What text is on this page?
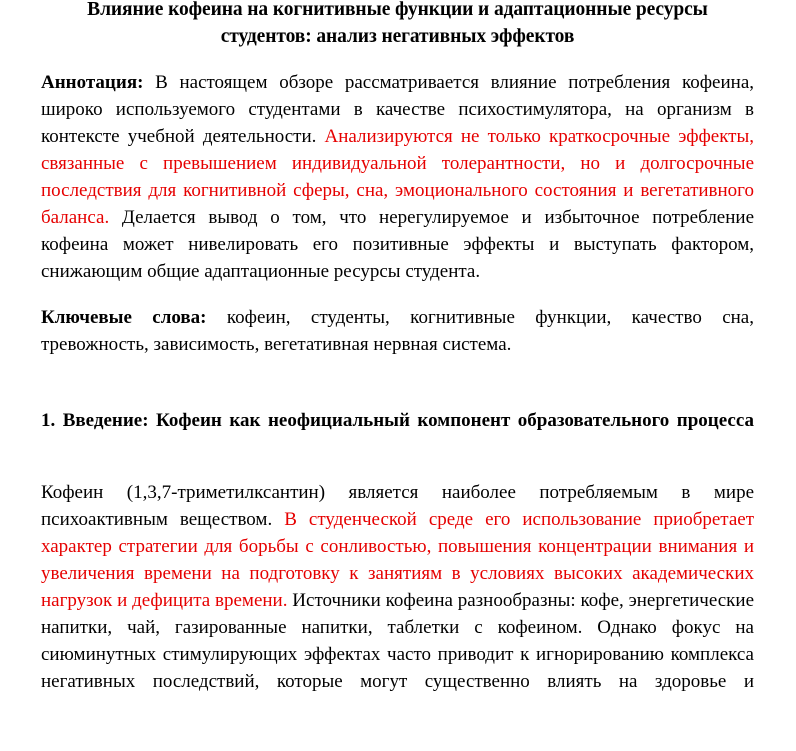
Влияние кофеина на когнитивные функции и адаптационные ресурсы студентов: анализ негативных эффектов

Аннотация: В настоящем обзоре рассматривается влияние потребления кофеина, широко используемого студентами в качестве психостимулятора, на организм в контексте учебной деятельности. Анализируются не только краткосрочные эффекты, связанные с превышением индивидуальной толерантности, но и долгосрочные последствия для когнитивной сферы, сна, эмоционального состояния и вегетативного баланса. Делается вывод о том, что нерегулируемое и избыточное потребление кофеина может нивелировать его позитивные эффекты и выступать фактором, снижающим общие адаптационные ресурсы студента.

Ключевые слова: кофеин, студенты, когнитивные функции, качество сна, тревожность, зависимость, вегетативная нервная система.

1. Введение: Кофеин как неофициальный компонент образовательного процесса

Кофеин (1,3,7-триметилксантин) является наиболее потребляемым в мире психоактивным веществом. В студенческой среде его использование приобретает характер стратегии для борьбы с сонливостью, повышения концентрации внимания и увеличения времени на подготовку к занятиям в условиях высоких академических нагрузок и дефицита времени. Источники кофеина разнообразны: кофе, энергетические напитки, чай, газированные напитки, таблетки с кофеином. Однако фокус на сиюминутных стимулирующих эффектах часто приводит к игнорированию комплекса негативных последствий, которые могут существенно влиять на здоровье и
